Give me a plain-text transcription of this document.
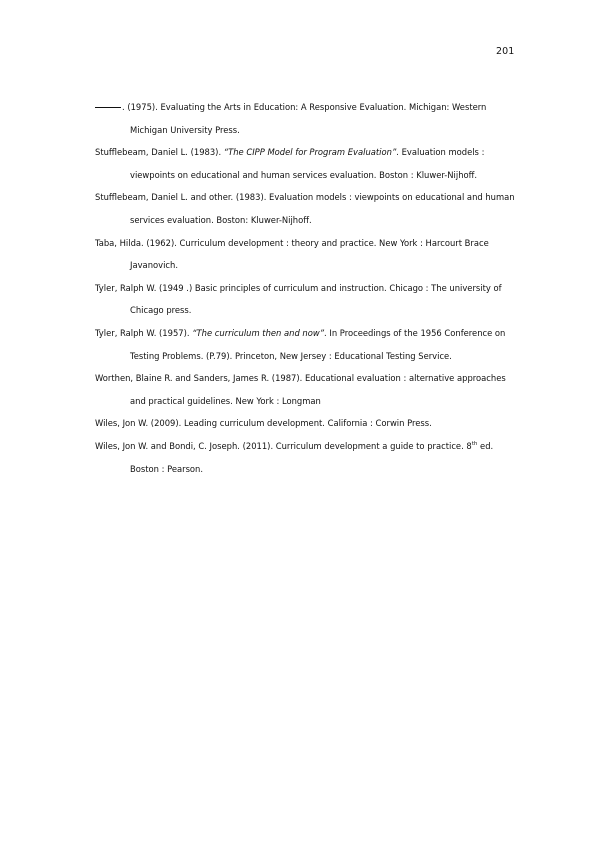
201
. (1975). Evaluating the Arts in Education: A Responsive Evaluation. Michigan: Western Michigan University Press.
Stufflebeam, Daniel L. (1983). “The CIPP Model for Program Evaluation”. Evaluation models : viewpoints on educational and human services evaluation. Boston : Kluwer-Nijhoff.
Stufflebeam, Daniel L. and other. (1983). Evaluation models : viewpoints on educational and human services evaluation. Boston: Kluwer-Nijhoff.
Taba, Hilda. (1962). Curriculum development : theory and practice. New York : Harcourt Brace Javanovich.
Tyler, Ralph W. (1949 .) Basic principles of curriculum and instruction. Chicago : The university of Chicago press.
Tyler, Ralph W. (1957). “The curriculum then and now”. In Proceedings of the 1956 Conference on Testing Problems. (P.79). Princeton, New Jersey : Educational Testing Service.
Worthen, Blaine R. and Sanders, James R. (1987). Educational evaluation : alternative approaches and practical guidelines. New York : Longman
Wiles, Jon W. (2009). Leading curriculum development. California : Corwin Press.
Wiles, Jon W. and Bondi, C. Joseph. (2011). Curriculum development a guide to practice. 8th ed. Boston : Pearson.
